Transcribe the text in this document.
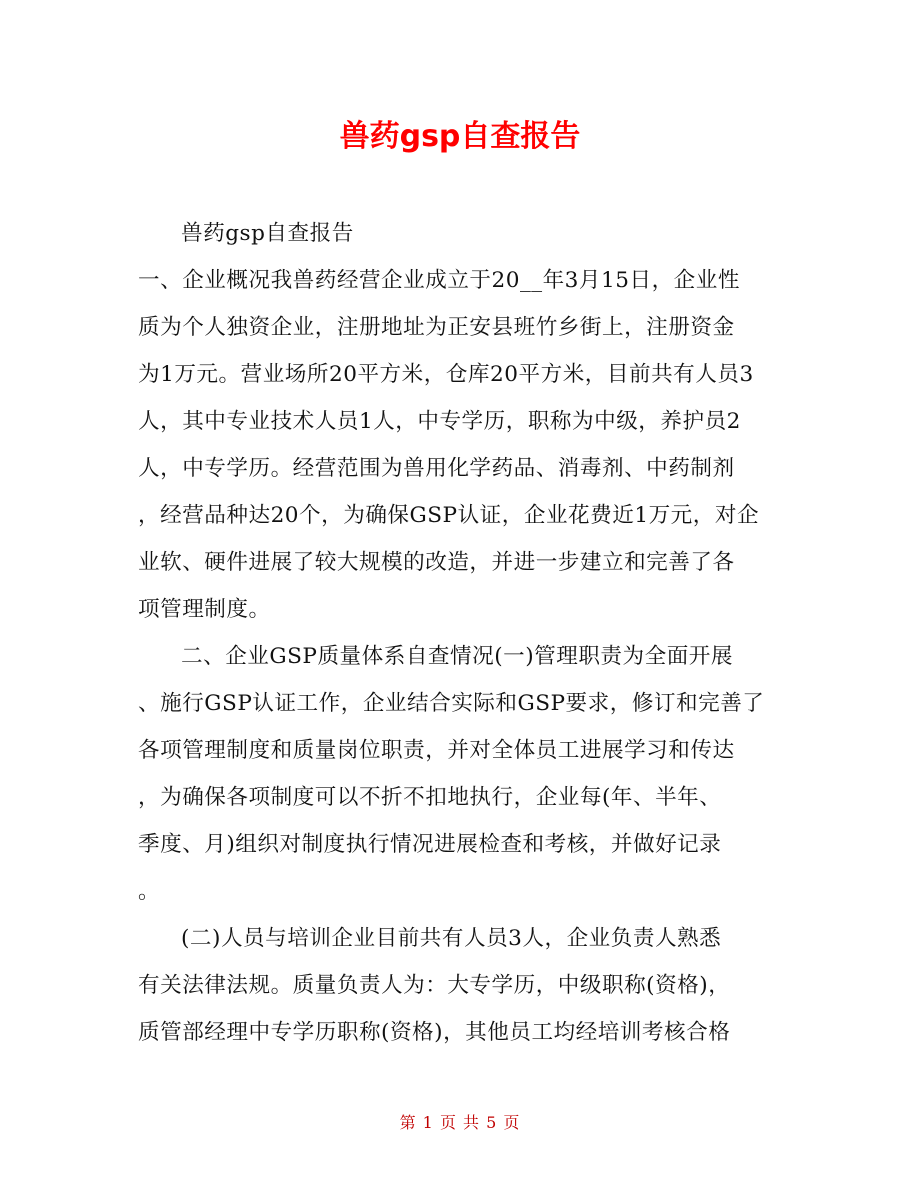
兽药gsp自查报告
兽药gsp自查报告
一、企业概况我兽药经营企业成立于20__年3月15日，企业性
质为个人独资企业，注册地址为正安县班竹乡街上，注册资金
为1万元。营业场所20平方米，仓库20平方米，目前共有人员3
人，其中专业技术人员1人，中专学历，职称为中级，养护员2
人，中专学历。经营范围为兽用化学药品、消毒剂、中药制剂
，经营品种达20个，为确保GSP认证，企业花费近1万元，对企
业软、硬件进展了较大规模的改造，并进一步建立和完善了各
项管理制度。
二、企业GSP质量体系自查情况(一)管理职责为全面开展
、施行GSP认证工作，企业结合实际和GSP要求，修订和完善了
各项管理制度和质量岗位职责，并对全体员工进展学习和传达
，为确保各项制度可以不折不扣地执行，企业每(年、半年、
季度、月)组织对制度执行情况进展检查和考核，并做好记录
。
(二)人员与培训企业目前共有人员3人，企业负责人熟悉
有关法律法规。质量负责人为：大专学历，中级职称(资格)，
质管部经理中专学历职称(资格)，其他员工均经培训考核合格
第 1 页 共 5 页
